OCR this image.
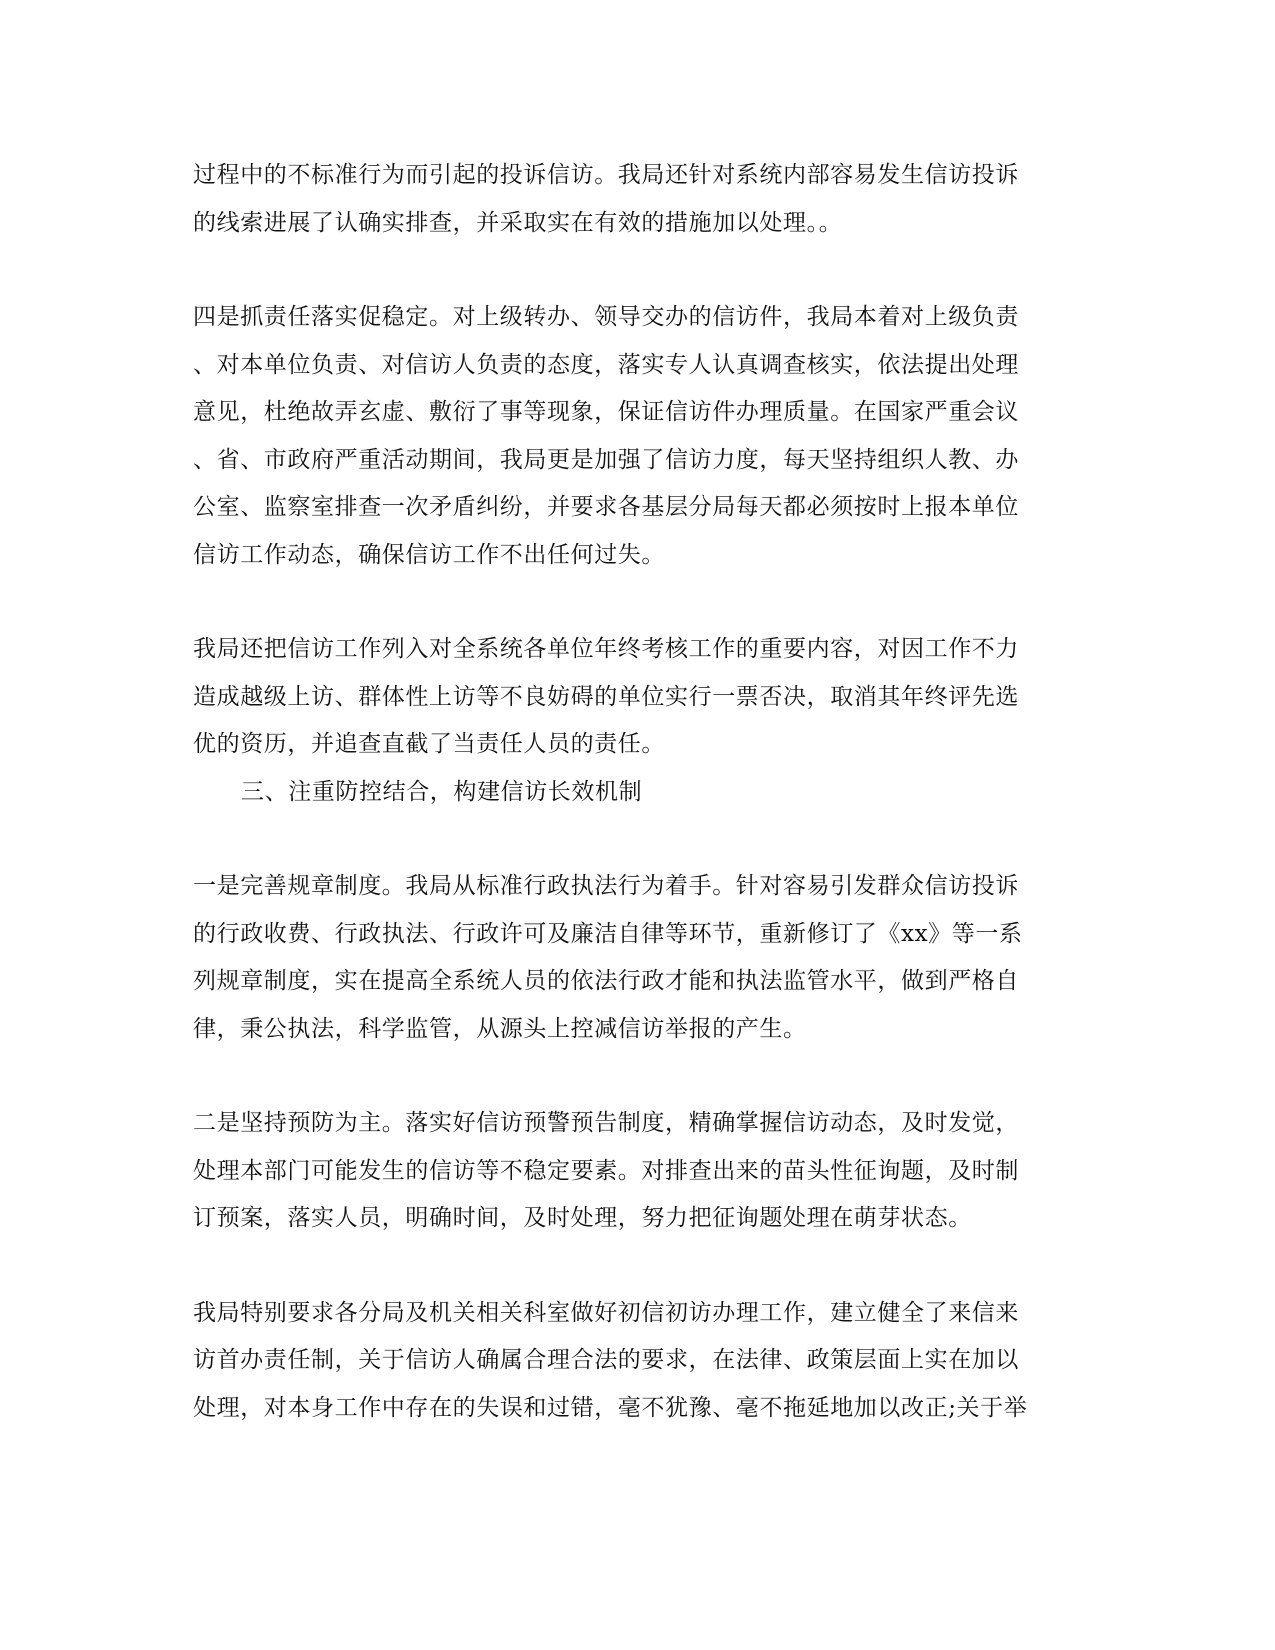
过程中的不标准行为而引起的投诉信访。我局还针对系统内部容易发生信访投诉
的线索进展了认确实排查，并采取实在有效的措施加以处理。。

四是抓责任落实促稳定。对上级转办、领导交办的信访件，我局本着对上级负责
、对本单位负责、对信访人负责的态度，落实专人认真调查核实，依法提出处理
意见，杜绝故弄玄虚、敷衍了事等现象，保证信访件办理质量。在国家严重会议
、省、市政府严重活动期间，我局更是加强了信访力度，每天坚持组织人教、办
公室、监察室排查一次矛盾纠纷，并要求各基层分局每天都必须按时上报本单位
信访工作动态，确保信访工作不出任何过失。

我局还把信访工作列入对全系统各单位年终考核工作的重要内容，对因工作不力
造成越级上访、群体性上访等不良妨碍的单位实行一票否决，取消其年终评先选
优的资历，并追查直截了当责任人员的责任。

三、注重防控结合，构建信访长效机制

一是完善规章制度。我局从标准行政执法行为着手。针对容易引发群众信访投诉
的行政收费、行政执法、行政许可及廉洁自律等环节，重新修订了《xx》等一系
列规章制度，实在提高全系统人员的依法行政才能和执法监管水平，做到严格自
律，秉公执法，科学监管，从源头上控减信访举报的产生。

二是坚持预防为主。落实好信访预警预告制度，精确掌握信访动态，及时发觉，
处理本部门可能发生的信访等不稳定要素。对排查出来的苗头性征询题，及时制
订预案，落实人员，明确时间，及时处理，努力把征询题处理在萌芽状态。

我局特别要求各分局及机关相关科室做好初信初访办理工作，建立健全了来信来
访首办责任制，关于信访人确属合理合法的要求，在法律、政策层面上实在加以
处理，对本身工作中存在的失误和过错，毫不犹豫、毫不拖延地加以改正;关于举
